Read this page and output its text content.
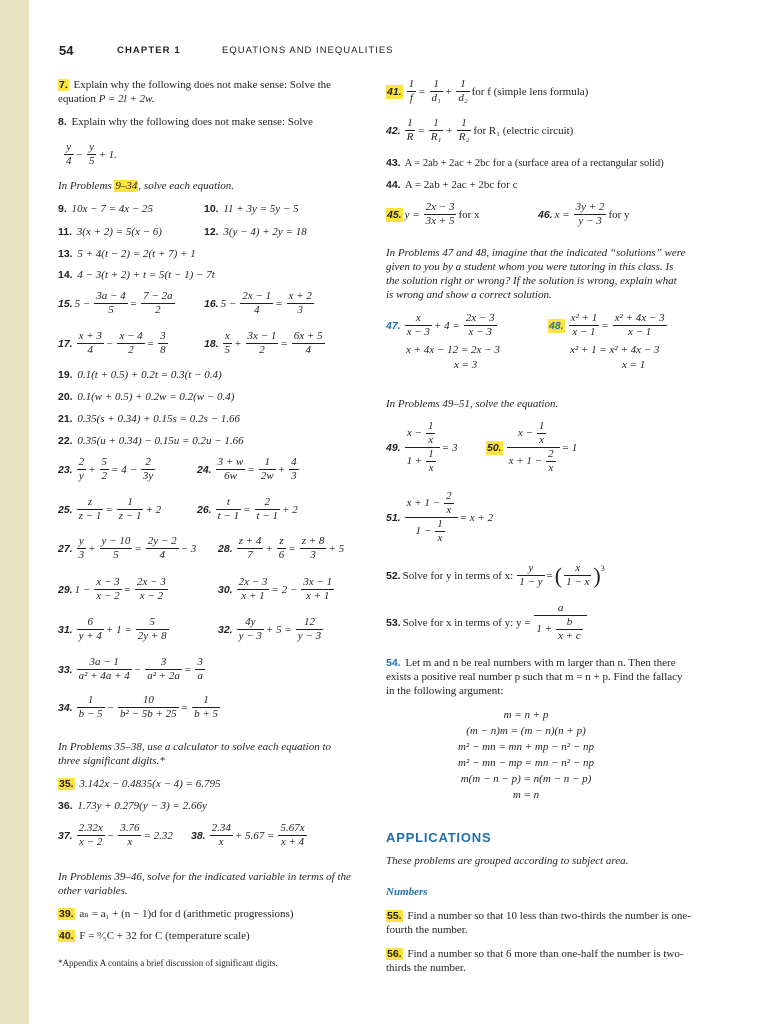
54	CHAPTER 1	EQUATIONS AND INEQUALITIES
7. Explain why the following does not make sense: Solve the equation P = 2l + 2w.
8. Explain why the following does not make sense: Solve
$\frac{y}{4} - \frac{y}{5} + 1$.
In Problems 9–34, solve each equation.
9. 10x − 7 = 4x − 25	10. 11 + 3y = 5y − 5
11. 3(x + 2) = 5(x − 6)	12. 3(y − 4) + 2y = 18
13. 5 + 4(t − 2) = 2(t + 7) + 1
14. 4 − 3(t + 2) + t = 5(t − 1) − 7t
15. $5 - \frac{3a - 4}{5} = \frac{7 - 2a}{2}$	16. $5 - \frac{2x - 1}{4} = \frac{x + 2}{3}$
17. $\frac{x + 3}{4} - \frac{x - 4}{2} = \frac{3}{8}$	18. $\frac{x}{5} + \frac{3x - 1}{2} = \frac{6x + 5}{4}$
19. 0.1(t + 0.5) + 0.2t = 0.3(t − 0.4)
20. 0.1(w + 0.5) + 0.2w = 0.2(w − 0.4)
21. 0.35(s + 0.34) + 0.15s = 0.2s − 1.66
22. 0.35(u + 0.34) − 0.15u = 0.2u − 1.66
23. $\frac{2}{y} + \frac{5}{2} = 4 - \frac{2}{3y}$	24. $\frac{3 + w}{6w} = \frac{1}{2w} + \frac{4}{3}$
25. $\frac{z}{z - 1} = \frac{1}{z - 1} + 2$	26. $\frac{t}{t - 1} = \frac{2}{t - 1} + 2$
27. $\frac{y}{3} + \frac{y - 10}{5} = \frac{2y - 2}{4} - 3$ 28. $\frac{z + 4}{7} + \frac{z}{6} = \frac{z + 8}{3} + 5$
29. $1 - \frac{x - 3}{x - 2} = \frac{2x - 3}{x - 2}$	30. $\frac{2x - 3}{x + 1} = 2 - \frac{3x - 1}{x + 1}$
31. $\frac{6}{y + 4} + 1 = \frac{5}{2y + 8}$	32. $\frac{4y}{y - 3} + 5 = \frac{12}{y - 3}$
33. $\frac{3a - 1}{\text{a² + 4a + 4}} - \frac{3}{\text{a² + 2a}} = \frac{3}{a}$
34. $\frac{1}{b - 5} - \frac{10}{\text{b² − 5b + 25}} = \frac{1}{b + 5}$
In Problems 35–38, use a calculator to solve each equation to three significant digits.*
35. 3.142x − 0.4835(x − 4) = 6.795
36. 1.73y + 0.279(y − 3) = 2.66y
37. $\frac{2.32x}{x - 2} - \frac{3.76}{x} = 2.32$ 38. $\frac{2.34}{x} + 5.67 = \frac{5.67x}{x + 4}$
In Problems 39–46, solve for the indicated variable in terms of the other variables.
39. aₙ = a₁ + (n − 1)d for d (arithmetic progressions)
40. F = ⁹⁄₅C + 32 for C (temperature scale)
*Appendix A contains a brief discussion of significant digits.
41. $\frac{1}{f} = \frac{1}{\text{d₁}} + \frac{1}{\text{d₂}}$ for f (simple lens formula)
42. $\frac{1}{R} = \frac{1}{\text{R₁}} + \frac{1}{\text{R₂}}$ for R₁ (electric circuit)
43. A = 2ab + 2ac + 2bc for a (surface area of a rectangular solid)
44. A = 2ab + 2ac + 2bc for c
45. $y = \frac{2x - 3}{3x + 5}$ for x	46. $x = \frac{3y + 2}{y - 3}$ for y
In Problems 47 and 48, imagine that the indicated “solutions” were given to you by a student whom you were tutoring in this class. Is the solution right or wrong? If the solution is wrong, explain what is wrong and show a correct solution.
47. $\frac{x}{x - 3} + 4 = \frac{2x - 3}{x - 3}$
x + 4x − 12 = 2x − 3
x = 3
48. $\frac{\text{x² + 1}}{x - 1} = \frac{\text{x² + 4x − 3}}{x - 1}$
x² + 1 = x² + 4x − 3
x = 1
In Problems 49–51, solve the equation.
49. $\frac{x - \frac{1}{x}}{1 + \frac{1}{x}} = 3$	50. $\frac{x - \frac{1}{x}}{x + 1 - \frac{2}{x}} = 1$
51. $\frac{x + 1 - \frac{2}{x}}{1 - \frac{1}{x}} = x + 2$
52. Solve for y in terms of x: $\frac{y}{1 - y}$ = ( $\frac{x}{1 - x} )^3$
53. Solve for x in terms of y: $y = \frac{a}{1 + \frac{b}{x + c}}$
54. Let m and n be real numbers with m larger than n. Then there exists a positive real number p such that m = n + p. Find the fallacy in the following argument:
m = n + p
(m − n)m = (m − n)(n + p)
m² − mn = mn + mp − n² − np
m² − mn − mp = mn − n² − np
m(m − n − p) = n(m − n − p)
m = n
APPLICATIONS
These problems are grouped according to subject area.
Numbers
55. Find a number so that 10 less than two-thirds the number is one-fourth the number.
56. Find a number so that 6 more than one-half the number is two-thirds the number.
